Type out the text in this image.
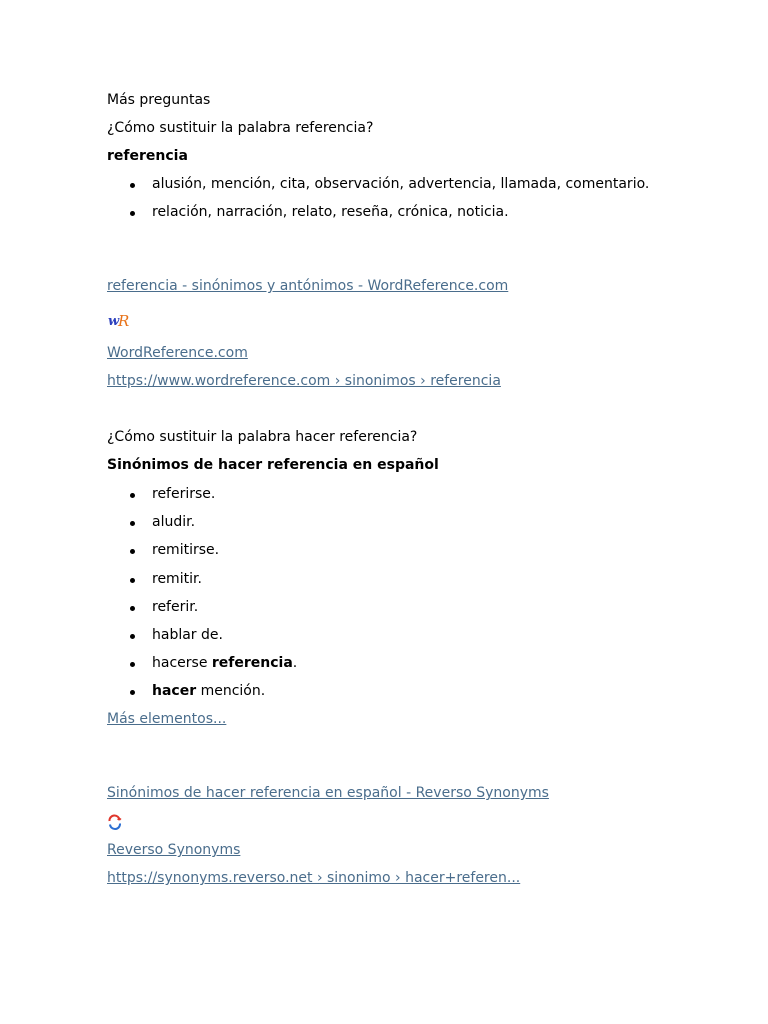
Más preguntas
¿Cómo sustituir la palabra referencia?
referencia
alusión, mención, cita, observación, advertencia, llamada, comentario.
relación, narración, relato, reseña, crónica, noticia.
referencia - sinónimos y antónimos - WordReference.com
w
R
WordReference.com
https://www.wordreference.com › sinonimos › referencia
¿Cómo sustituir la palabra hacer referencia?
Sinónimos de hacer referencia en español
referirse.
aludir.
remitirse.
remitir.
referir.
hablar de.
hacerse referencia.
hacer mención.
Más elementos...
Sinónimos de hacer referencia en español - Reverso Synonyms
Reverso Synonyms
https://synonyms.reverso.net › sinonimo › hacer+referen...
